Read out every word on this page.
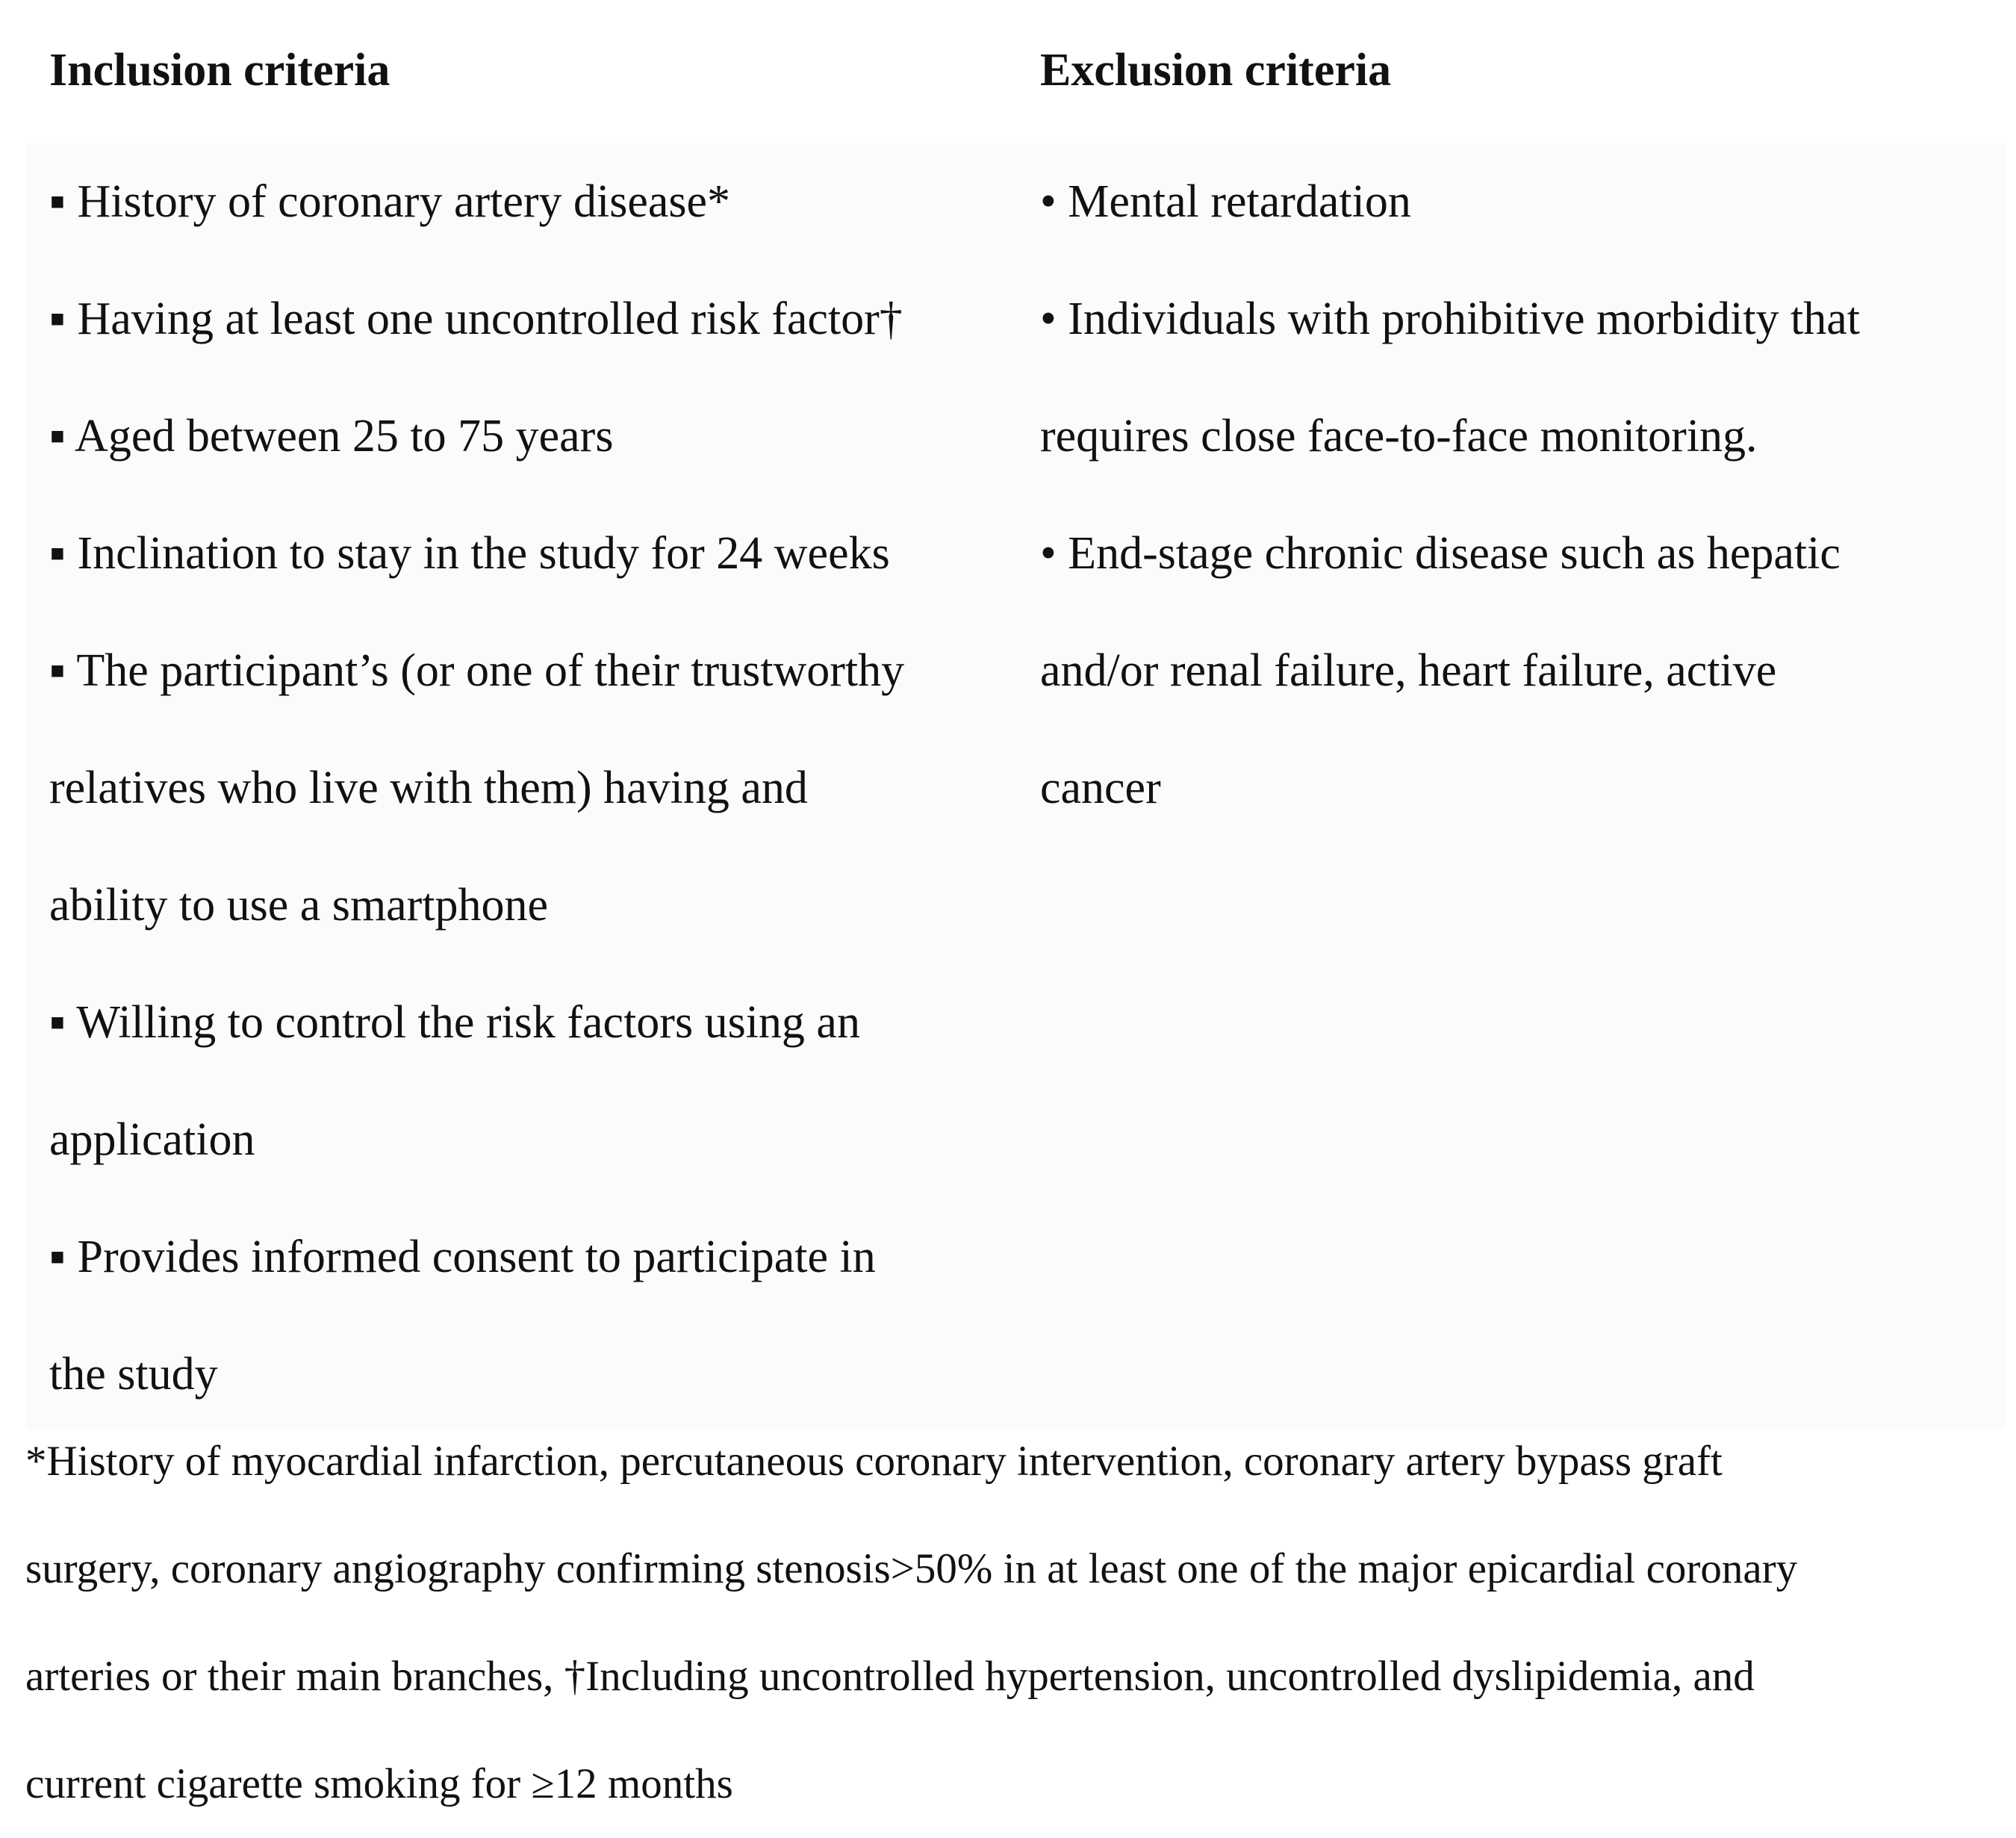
Inclusion criteria	Exclusion criteria
▪ History of coronary artery disease*
▪ Having at least one uncontrolled risk factor†
▪ Aged between 25 to 75 years
▪ Inclination to stay in the study for 24 weeks
▪ The participant’s (or one of their trustworthy
relatives who live with them) having and
ability to use a smartphone
▪ Willing to control the risk factors using an
application
▪ Provides informed consent to participate in
the study
• Mental retardation
• Individuals with prohibitive morbidity that
requires close face-to-face monitoring.
• End-stage chronic disease such as hepatic
and/or renal failure, heart failure, active
cancer
*History of myocardial infarction, percutaneous coronary intervention, coronary artery bypass graft
surgery, coronary angiography confirming stenosis>50% in at least one of the major epicardial coronary
arteries or their main branches, †Including uncontrolled hypertension, uncontrolled dyslipidemia, and
current cigarette smoking for ≥12 months
